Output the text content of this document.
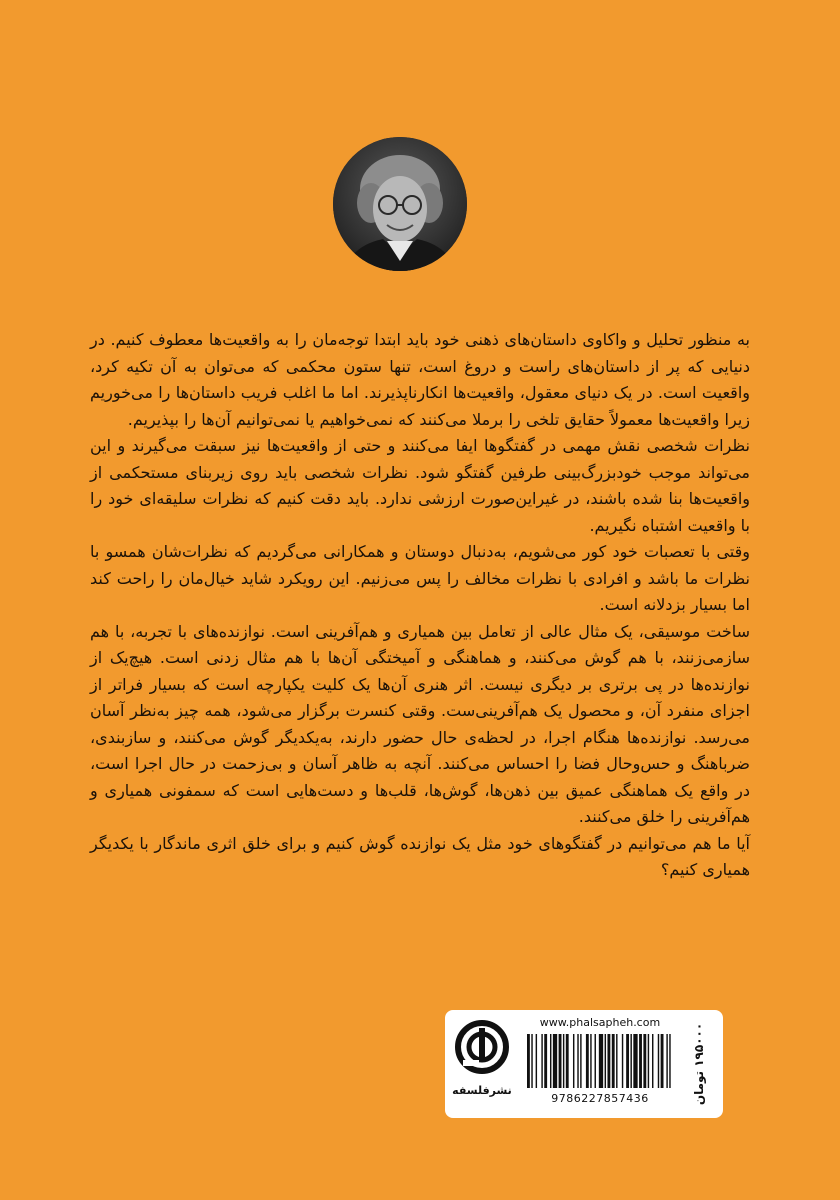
به منظور تحلیل و واکاوی داستان‌های ذهنی خود باید ابتدا توجه‌مان را به واقعیت‌ها معطوف کنیم. در دنیایی که پر از داستان‌های راست و دروغ است، تنها ستون محکمی که می‌توان به آن تکیه کرد، واقعیت است. در یک دنیای معقول، واقعیت‌ها انکارناپذیرند. اما ما اغلب فریب داستان‌ها را می‌خوریم زیرا واقعیت‌ها معمولاً حقایق تلخی را برملا می‌کنند که نمی‌خواهیم یا نمی‌توانیم آن‌ها را بپذیریم.

نظرات شخصی نقش مهمی در گفتگوها ایفا می‌کنند و حتی از واقعیت‌ها نیز سبقت می‌گیرند و این می‌تواند موجب خودبزرگ‌بینی طرفین گفتگو شود. نظرات شخصی باید روی زیربنای مستحکمی از واقعیت‌ها بنا شده باشند، در غیراین‌صورت ارزشی ندارد. باید دقت کنیم که نظرات سلیقه‌ای خود را با واقعیت اشتباه نگیریم.

وقتی با تعصبات خود کور می‌شویم، به‌دنبال دوستان و همکارانی می‌گردیم که نظرات‌شان همسو با نظرات ما باشد و افرادی با نظرات مخالف را پس می‌زنیم. این رویکرد شاید خیال‌مان را راحت کند اما بسیار بزدلانه است.

ساخت موسیقی، یک مثال عالی از تعامل بین همیاری و هم‌آفرینی است. نوازنده‌های با تجربه، با هم سازمی‌زنند، با هم گوش می‌کنند، و هماهنگی و آمیختگی آن‌ها با هم مثال زدنی است. هیچ‌یک از نوازنده‌ها در پی برتری بر دیگری نیست. اثر هنری آن‌ها یک کلیت یکپارچه است که بسیار فراتر از اجزای منفرد آن، و محصول یک هم‌آفرینی‌ست. وقتی کنسرت برگزار می‌شود، همه چیز به‌نظر آسان می‌رسد. نوازنده‌ها هنگام اجرا، در لحظه‌ی حال حضور دارند، به‌یکدیگر گوش می‌کنند، و سازبندی، ضرباهنگ و حس‌وحال فضا را احساس می‌کنند. آنچه به ظاهر آسان و بی‌زحمت در حال اجرا است، در واقع یک هماهنگی عمیق بین ذهن‌ها، گوش‌ها، قلب‌ها و دست‌هایی است که سمفونی همیاری و هم‌آفرینی را خلق می‌کنند.

آیا ما هم می‌توانیم در گفتگوهای خود مثل یک نوازنده گوش کنیم و برای خلق اثری ماندگار با یکدیگر همیاری کنیم؟

نشرفلسفه
www.phalsapheh.com
9786227857436	۱۹۵۰۰۰ تومان
